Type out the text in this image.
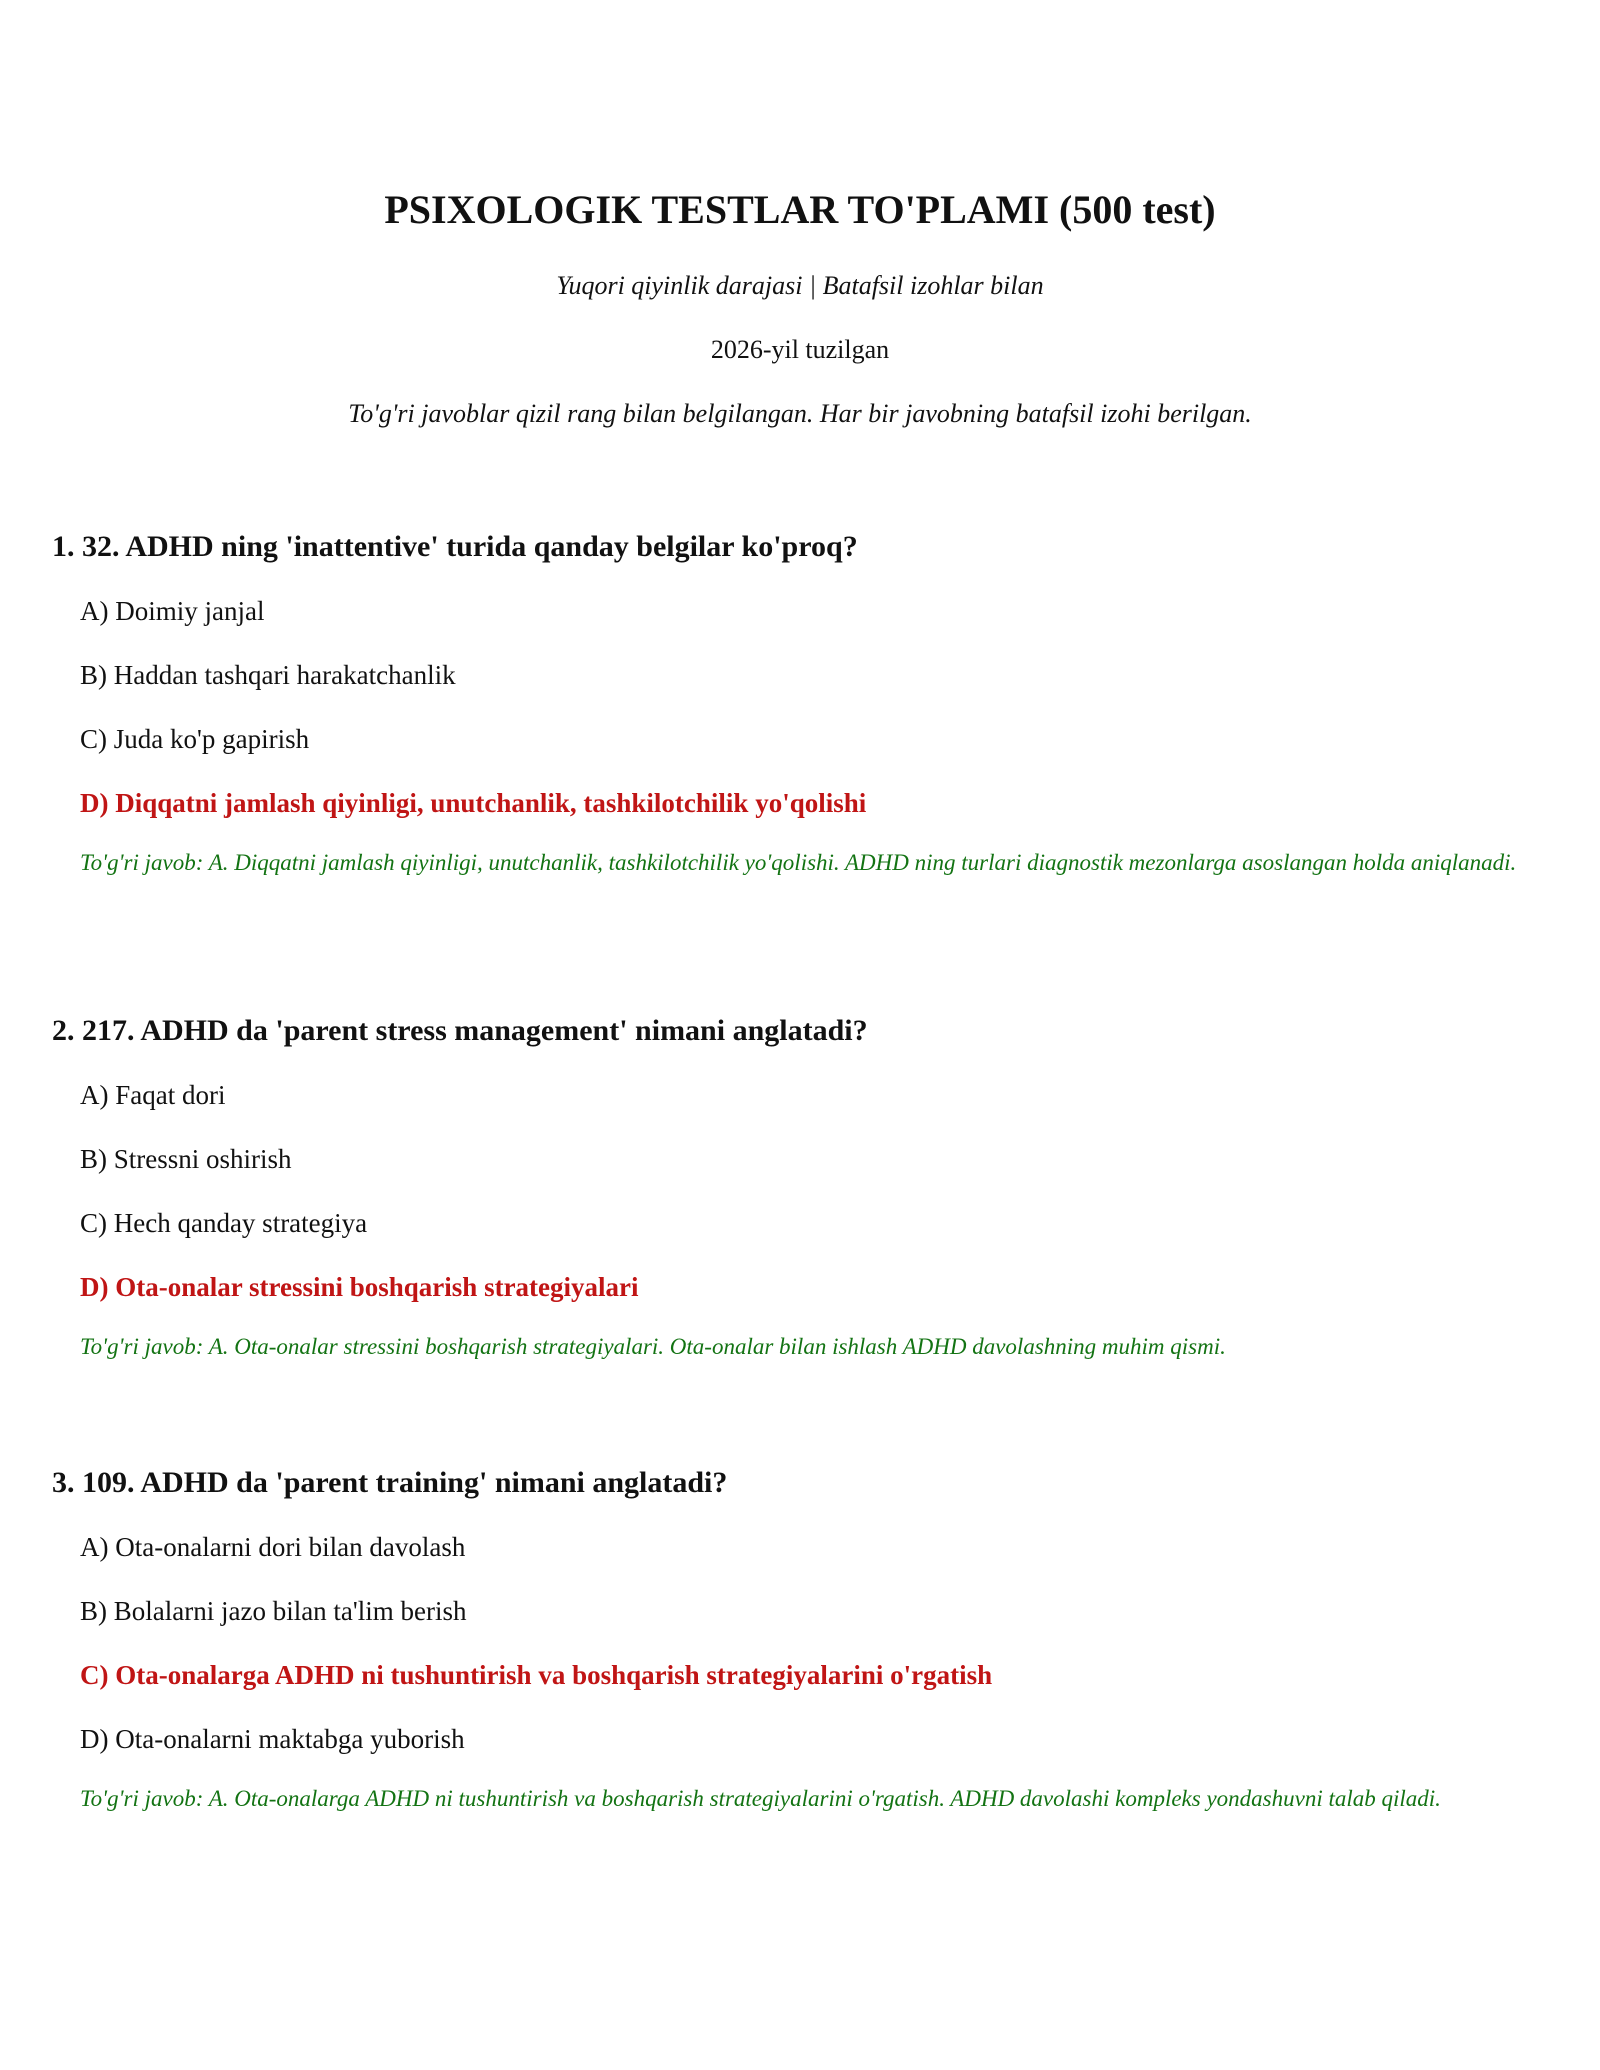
PSIXOLOGIK TESTLAR TO'PLAMI (500 test)
Yuqori qiyinlik darajasi | Batafsil izohlar bilan
2026-yil tuzilgan
To'g'ri javoblar qizil rang bilan belgilangan. Har bir javobning batafsil izohi berilgan.

1. 32. ADHD ning 'inattentive' turida qanday belgilar ko'proq?

A) Doimiy janjal

B) Haddan tashqari harakatchanlik

C) Juda ko'p gapirish

D) Diqqatni jamlash qiyinligi, unutchanlik, tashkilotchilik yo'qolishi

To'g'ri javob: A. Diqqatni jamlash qiyinligi, unutchanlik, tashkilotchilik yo'qolishi. ADHD ning turlari diagnostik mezonlarga asoslangan holda aniqlanadi.

2. 217. ADHD da 'parent stress management' nimani anglatadi?

A) Faqat dori

B) Stressni oshirish

C) Hech qanday strategiya

D) Ota-onalar stressini boshqarish strategiyalari

To'g'ri javob: A. Ota-onalar stressini boshqarish strategiyalari. Ota-onalar bilan ishlash ADHD davolashning muhim qismi.

3. 109. ADHD da 'parent training' nimani anglatadi?

A) Ota-onalarni dori bilan davolash

B) Bolalarni jazo bilan ta'lim berish

C) Ota-onalarga ADHD ni tushuntirish va boshqarish strategiyalarini o'rgatish

D) Ota-onalarni maktabga yuborish

To'g'ri javob: A. Ota-onalarga ADHD ni tushuntirish va boshqarish strategiyalarini o'rgatish. ADHD davolashi kompleks yondashuvni talab qiladi.
